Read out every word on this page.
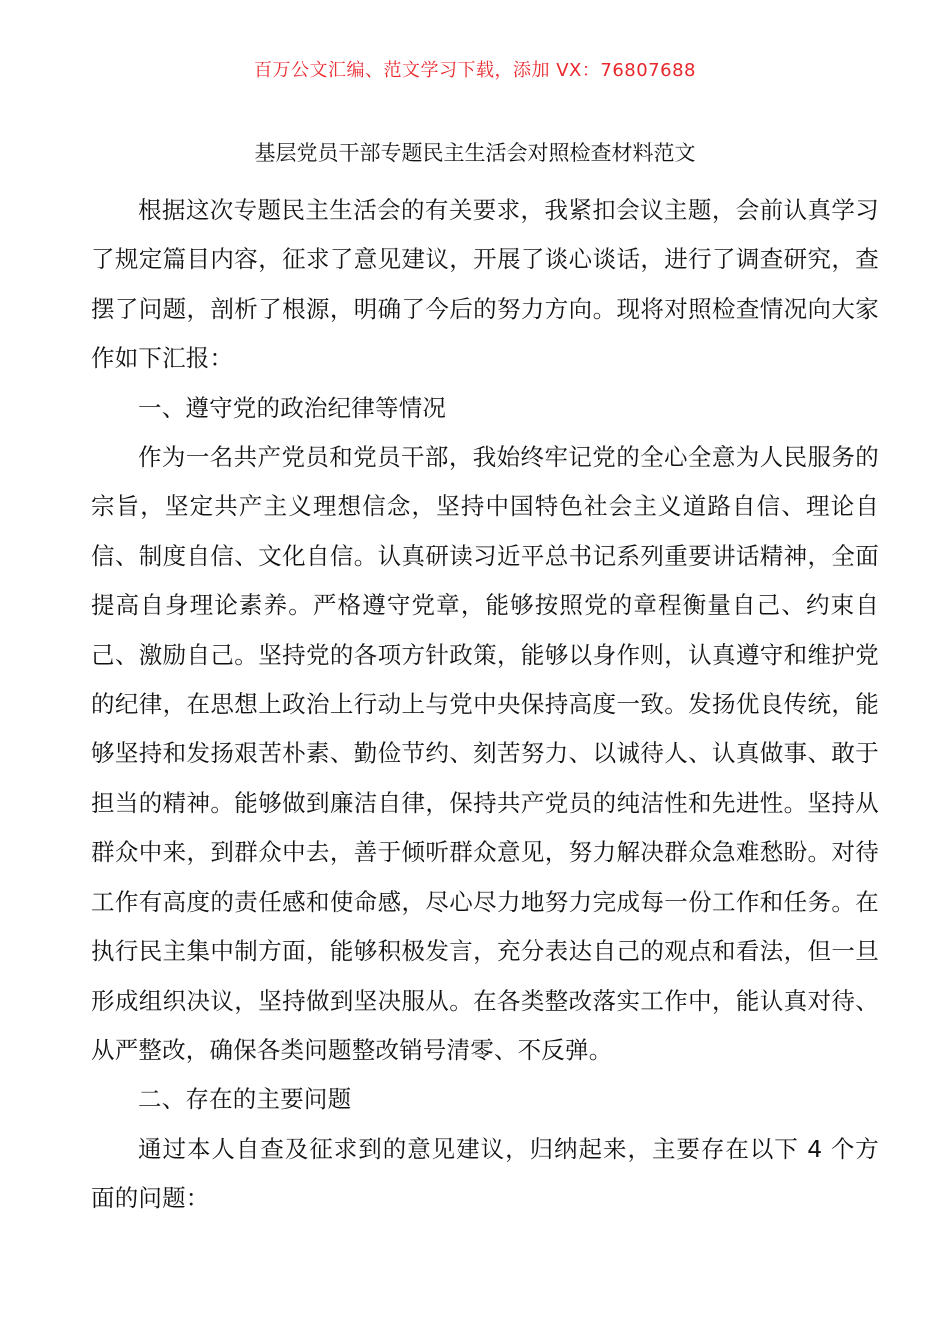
百万公文汇编、范文学习下载，添加 VX：76807688
基层党员干部专题民主生活会对照检查材料范文

根据这次专题民主生活会的有关要求，我紧扣会议主题，会前认真学习了规定篇目内容，征求了意见建议，开展了谈心谈话，进行了调查研究，查摆了问题，剖析了根源，明确了今后的努力方向。现将对照检查情况向大家作如下汇报：

一、遵守党的政治纪律等情况

作为一名共产党员和党员干部，我始终牢记党的全心全意为人民服务的宗旨，坚定共产主义理想信念，坚持中国特色社会主义道路自信、理论自信、制度自信、文化自信。认真研读习近平总书记系列重要讲话精神，全面提高自身理论素养。严格遵守党章，能够按照党的章程衡量自己、约束自己、激励自己。坚持党的各项方针政策，能够以身作则，认真遵守和维护党的纪律，在思想上政治上行动上与党中央保持高度一致。发扬优良传统，能够坚持和发扬艰苦朴素、勤俭节约、刻苦努力、以诚待人、认真做事、敢于担当的精神。能够做到廉洁自律，保持共产党员的纯洁性和先进性。坚持从群众中来，到群众中去，善于倾听群众意见，努力解决群众急难愁盼。对待工作有高度的责任感和使命感，尽心尽力地努力完成每一份工作和任务。在执行民主集中制方面，能够积极发言，充分表达自己的观点和看法，但一旦形成组织决议，坚持做到坚决服从。在各类整改落实工作中，能认真对待、从严整改，确保各类问题整改销号清零、不反弹。

二、存在的主要问题

通过本人自查及征求到的意见建议，归纳起来，主要存在以下 4 个方面的问题：
